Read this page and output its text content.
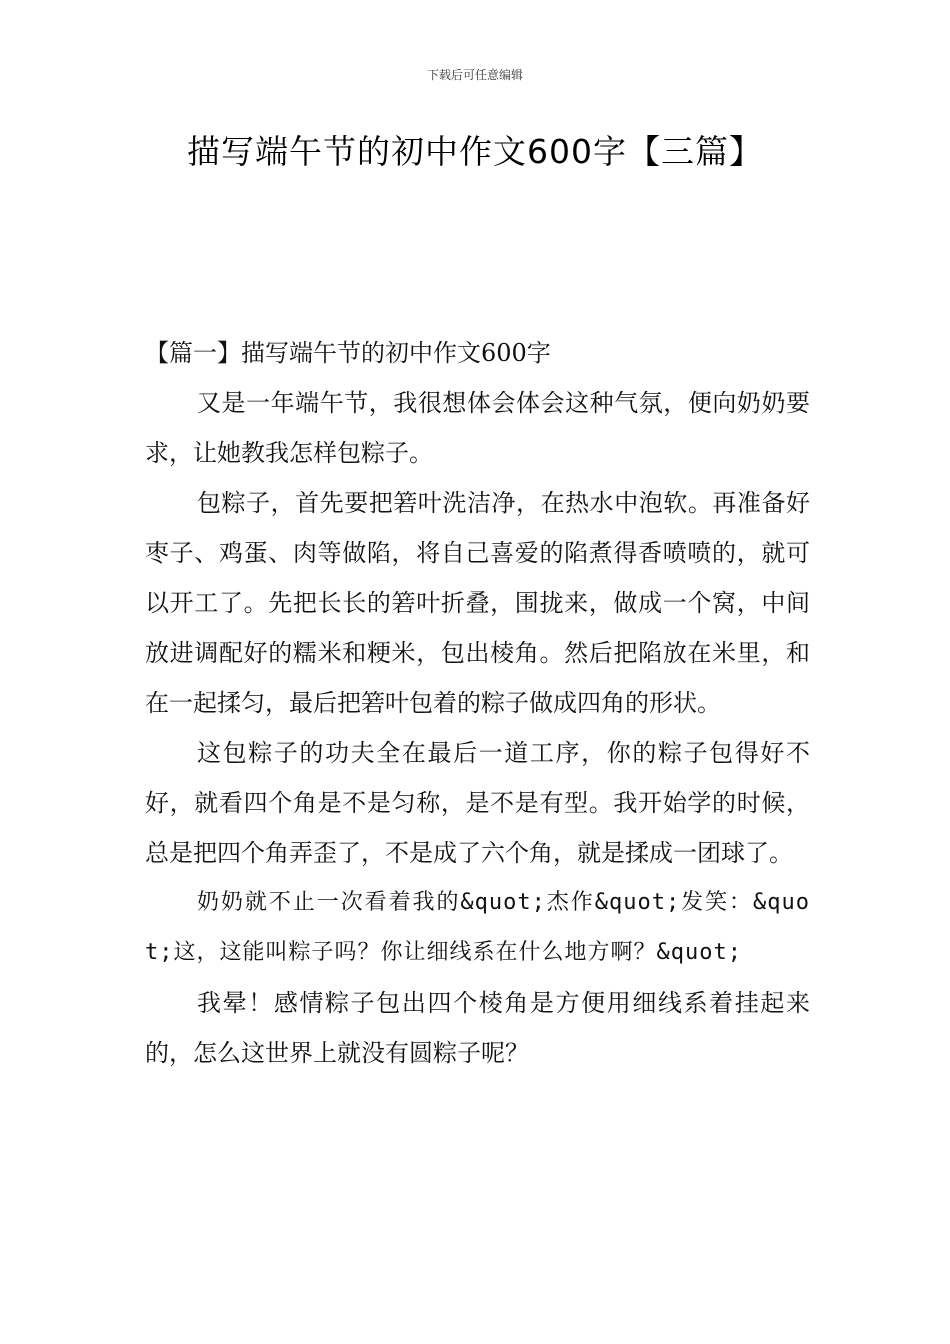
下载后可任意编辑
描写端午节的初中作文600字【三篇】

【篇一】描写端午节的初中作文600字

又是一年端午节，我很想体会体会这种气氛，便向奶奶要求，让她教我怎样包粽子。

包粽子，首先要把箬叶洗洁净，在热水中泡软。再准备好枣子、鸡蛋、肉等做陷，将自己喜爱的陷煮得香喷喷的，就可以开工了。先把长长的箬叶折叠，围拢来，做成一个窝，中间放进调配好的糯米和粳米，包出棱角。然后把陷放在米里，和在一起揉匀，最后把箬叶包着的粽子做成四角的形状。

这包粽子的功夫全在最后一道工序，你的粽子包得好不好，就看四个角是不是匀称，是不是有型。我开始学的时候，总是把四个角弄歪了，不是成了六个角，就是揉成一团球了。

奶奶就不止一次看着我的&quot;杰作&quot;发笑：&quot;这，这能叫粽子吗？你让细线系在什么地方啊？&quot;

我晕！感情粽子包出四个棱角是方便用细线系着挂起来的，怎么这世界上就没有圆粽子呢？
